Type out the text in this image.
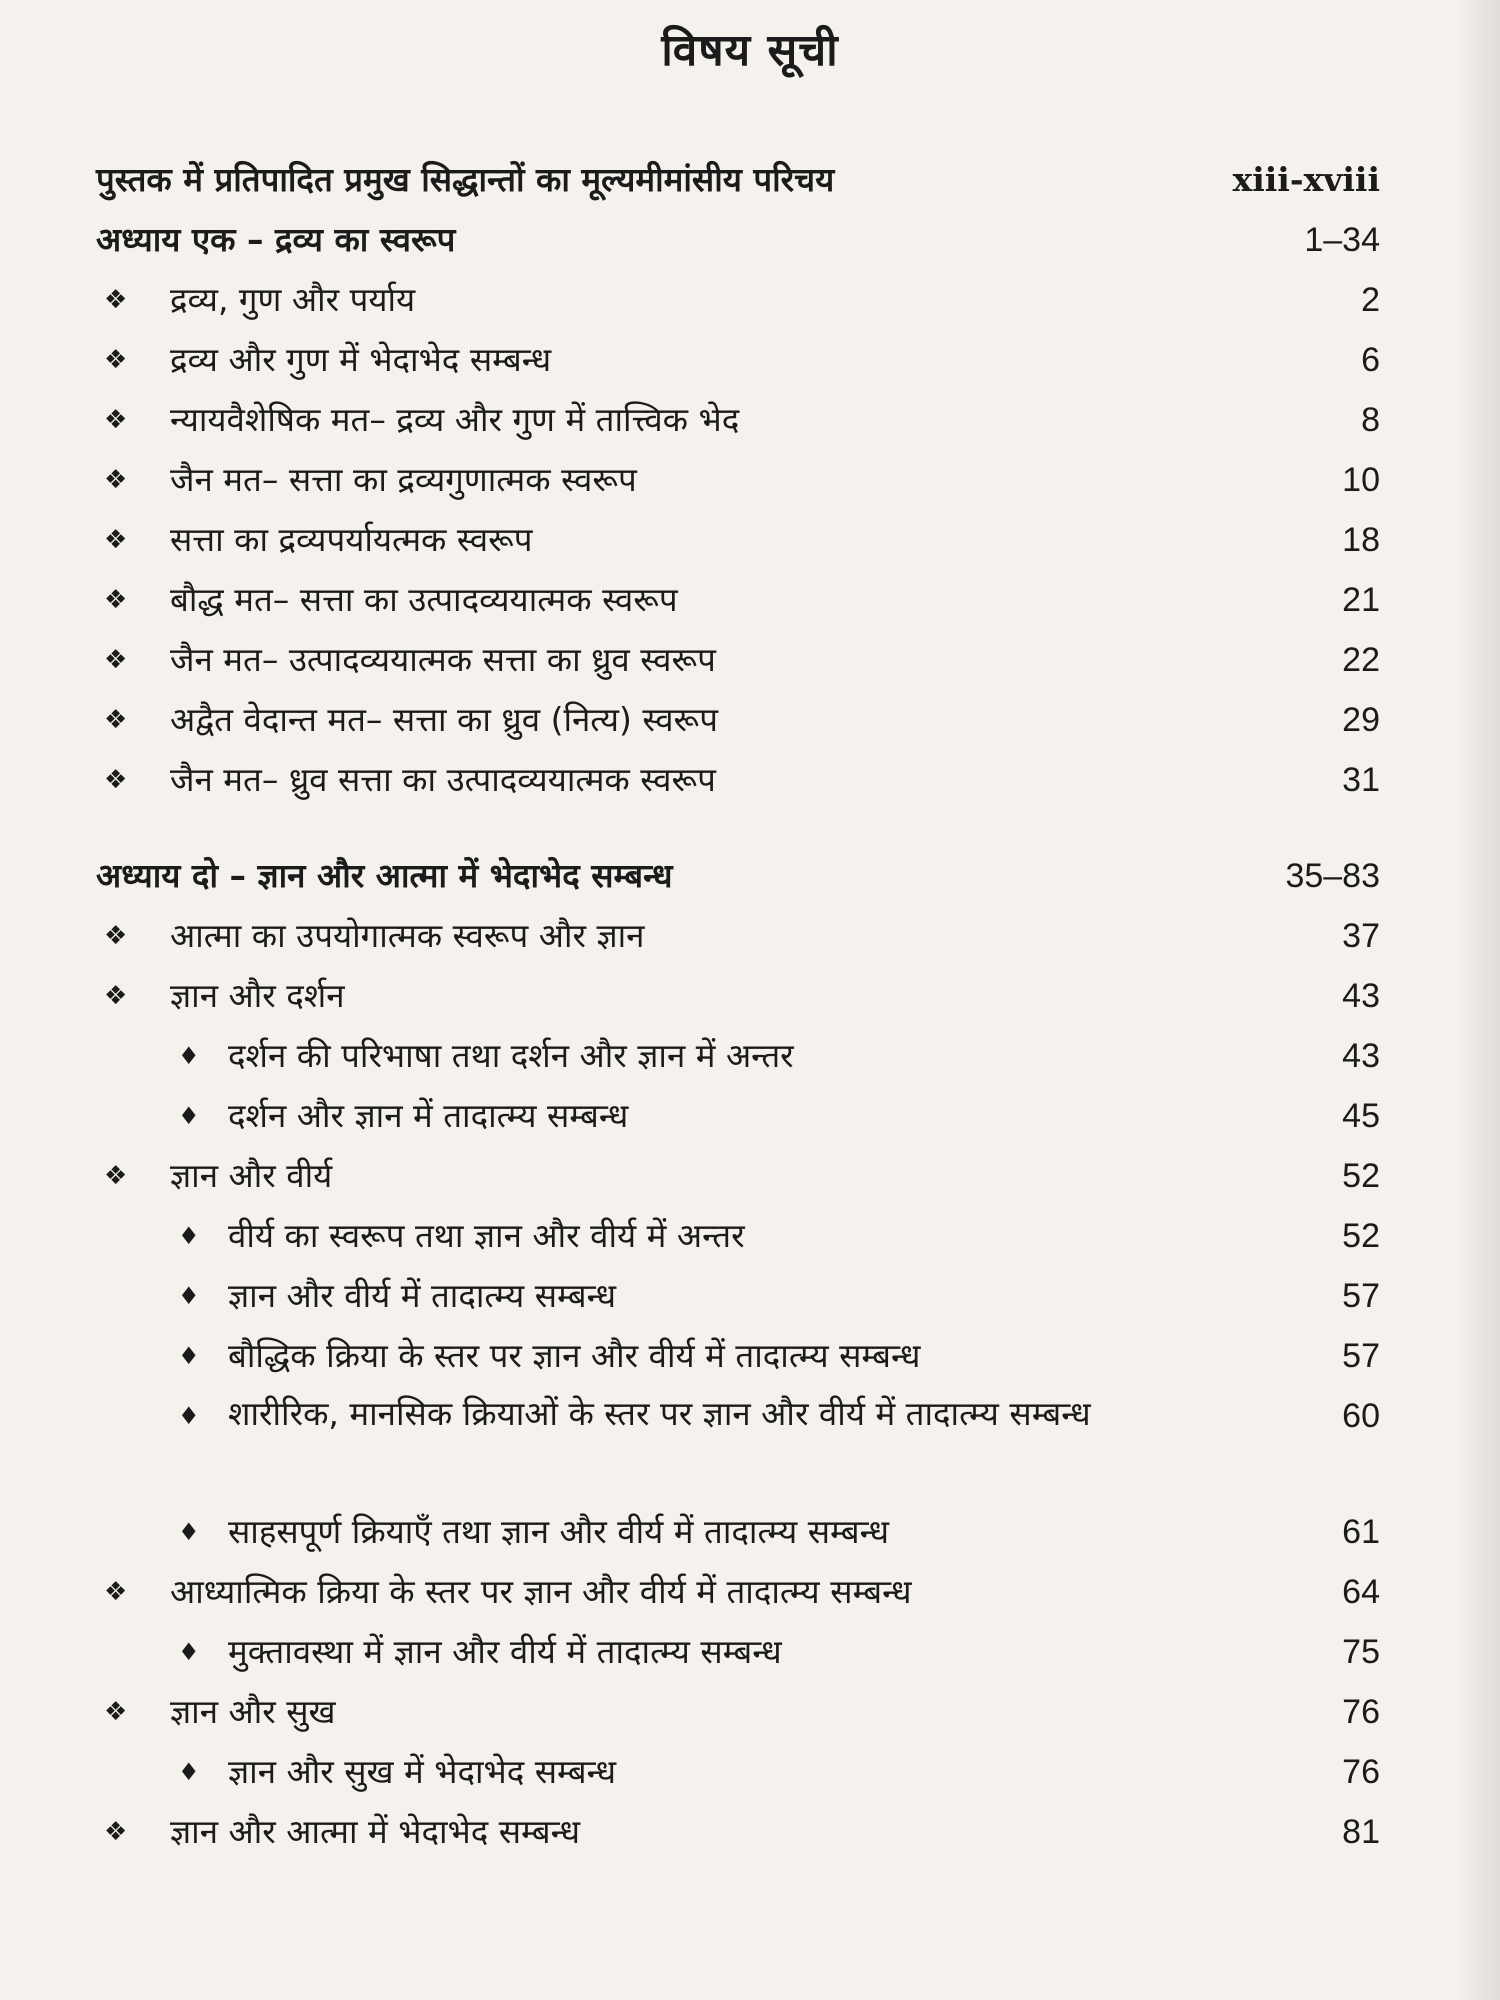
विषय सूची
पुस्तक में प्रतिपादित प्रमुख सिद्धान्तों का मूल्यमीमांसीय परिचय	xiii-xviii
अध्याय एक – द्रव्य का स्वरूप	1–34
❖ द्रव्य, गुण और पर्याय	2
❖ द्रव्य और गुण में भेदाभेद सम्बन्ध	6
❖ न्यायवैशेषिक मत– द्रव्य और गुण में तात्त्विक भेद	8
❖ जैन मत– सत्ता का द्रव्यगुणात्मक स्वरूप	10
❖ सत्ता का द्रव्यपर्यायत्मक स्वरूप	18
❖ बौद्ध मत– सत्ता का उत्पादव्ययात्मक स्वरूप	21
❖ जैन मत– उत्पादव्ययात्मक सत्ता का ध्रुव स्वरूप	22
❖ अद्वैत वेदान्त मत– सत्ता का ध्रुव (नित्य) स्वरूप	29
❖ जैन मत– ध्रुव सत्ता का उत्पादव्ययात्मक स्वरूप	31
अध्याय दो – ज्ञान और आत्मा में भेदाभेद सम्बन्ध	35–83
❖ आत्मा का उपयोगात्मक स्वरूप और ज्ञान	37
❖ ज्ञान और दर्शन	43
♦ दर्शन की परिभाषा तथा दर्शन और ज्ञान में अन्तर	43
♦ दर्शन और ज्ञान में तादात्म्य सम्बन्ध	45
❖ ज्ञान और वीर्य	52
♦ वीर्य का स्वरूप तथा ज्ञान और वीर्य में अन्तर	52
♦ ज्ञान और वीर्य में तादात्म्य सम्बन्ध	57
♦ बौद्धिक क्रिया के स्तर पर ज्ञान और वीर्य में तादात्म्य सम्बन्ध	57
♦ शारीरिक, मानसिक क्रियाओं के स्तर पर ज्ञान और वीर्य में तादात्म्य सम्बन्ध	60
♦ साहसपूर्ण क्रियाएँ तथा ज्ञान और वीर्य में तादात्म्य सम्बन्ध	61
❖ आध्यात्मिक क्रिया के स्तर पर ज्ञान और वीर्य में तादात्म्य सम्बन्ध	64
♦ मुक्तावस्था में ज्ञान और वीर्य में तादात्म्य सम्बन्ध	75
❖ ज्ञान और सुख	76
♦ ज्ञान और सुख में भेदाभेद सम्बन्ध	76
❖ ज्ञान और आत्मा में भेदाभेद सम्बन्ध	81
